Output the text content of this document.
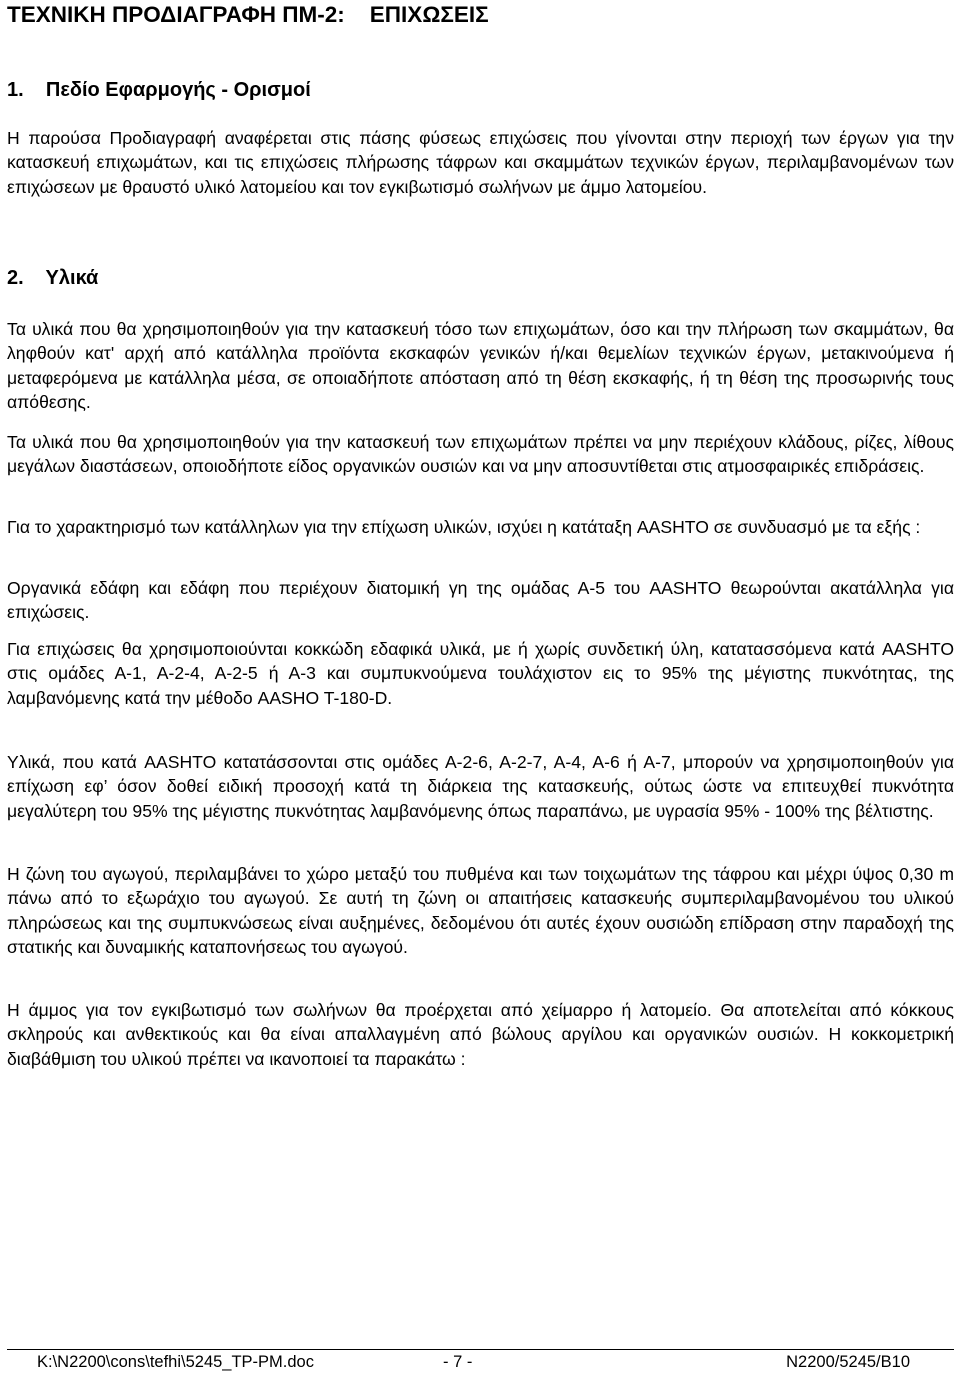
ΤΕΧΝΙΚΗ ΠΡΟΔΙΑΓΡΑΦΗ ΠΜ-2:    ΕΠΙΧΩΣΕΙΣ
1.    Πεδίο Εφαρμογής - Ορισμοί

Η παρούσα Προδιαγραφή αναφέρεται στις πάσης φύσεως επιχώσεις που γίνονται στην περιοχή των έργων για την κατασκευή επιχωμάτων, και τις επιχώσεις πλήρωσης τάφρων και σκαμμάτων τεχνικών έργων, περιλαμβανομένων των επιχώσεων με θραυστό υλικό λατομείου και τον εγκιβωτισμό σωλήνων με άμμο λατομείου.

2.    Υλικά

Τα υλικά που θα χρησιμοποιηθούν για την κατασκευή τόσο των επιχωμάτων, όσο και την πλήρωση των σκαμμάτων, θα ληφθούν κατ' αρχή από κατάλληλα προϊόντα εκσκαφών γενικών ή/και θεμελίων τεχνικών έργων, μετακινούμενα ή μεταφερόμενα με κατάλληλα μέσα, σε οποιαδήποτε απόσταση από τη θέση εκσκαφής, ή τη θέση της προσωρινής τους απόθεσης.

Τα υλικά που θα χρησιμοποιηθούν για την κατασκευή των επιχωμάτων πρέπει να μην περιέχουν κλάδους, ρίζες, λίθους μεγάλων διαστάσεων, οποιοδήποτε είδος οργανικών ουσιών και να μην αποσυντίθεται στις ατμοσφαιρικές επιδράσεις.

Για το χαρακτηρισμό των κατάλληλων για την επίχωση υλικών, ισχύει η κατάταξη AASHTO σε συνδυασμό με τα εξής :

Οργανικά εδάφη και εδάφη που περιέχουν διατομική γη της ομάδας Α-5 του AASHTO θεωρούνται ακατάλληλα για επιχώσεις.

Για επιχώσεις θα χρησιμοποιούνται κοκκώδη εδαφικά υλικά, με ή χωρίς συνδετική ύλη, κατατασσόμενα κατά AASHTO στις ομάδες Α-1, Α-2-4, Α-2-5 ή Α-3 και συμπυκνούμενα τουλάχιστον εις το 95% της μέγιστης πυκνότητας, της λαμβανόμενης κατά την μέθοδο AASHO T-180-D.

Υλικά, που κατά AASHTO κατατάσσονται στις ομάδες Α-2-6, Α-2-7, Α-4, Α-6 ή Α-7, μπορούν να χρησιμοποιηθούν για επίχωση εφ’ όσον δοθεί ειδική προσοχή κατά τη διάρκεια της κατασκευής, ούτως ώστε να επιτευχθεί πυκνότητα μεγαλύτερη του 95% της μέγιστης πυκνότητας λαμβανόμενης όπως παραπάνω, με υγρασία 95% - 100% της βέλτιστης.

Η ζώνη του αγωγού, περιλαμβάνει το χώρο μεταξύ του πυθμένα και των τοιχωμάτων της τάφρου και μέχρι ύψος 0,30 m πάνω από το εξωράχιο του αγωγού. Σε αυτή τη ζώνη οι απαιτήσεις κατασκευής συμπεριλαμβανομένου του υλικού πληρώσεως και της συμπυκνώσεως είναι αυξημένες, δεδομένου ότι αυτές έχουν ουσιώδη επίδραση στην παραδοχή της στατικής και δυναμικής καταπονήσεως του αγωγού.

Η άμμος για τον εγκιβωτισμό των σωλήνων θα προέρχεται από χείμαρρο ή λατομείο. Θα αποτελείται από κόκκους σκληρούς και ανθεκτικούς και θα είναι απαλλαγμένη από βώλους αργίλου και οργανικών ουσιών. Η κοκκομετρική διαβάθμιση του υλικού πρέπει να ικανοποιεί τα παρακάτω :

K:\N2200\cons\tefhi\5245_TP-PM.doc	- 7 -	N2200/5245/B10
